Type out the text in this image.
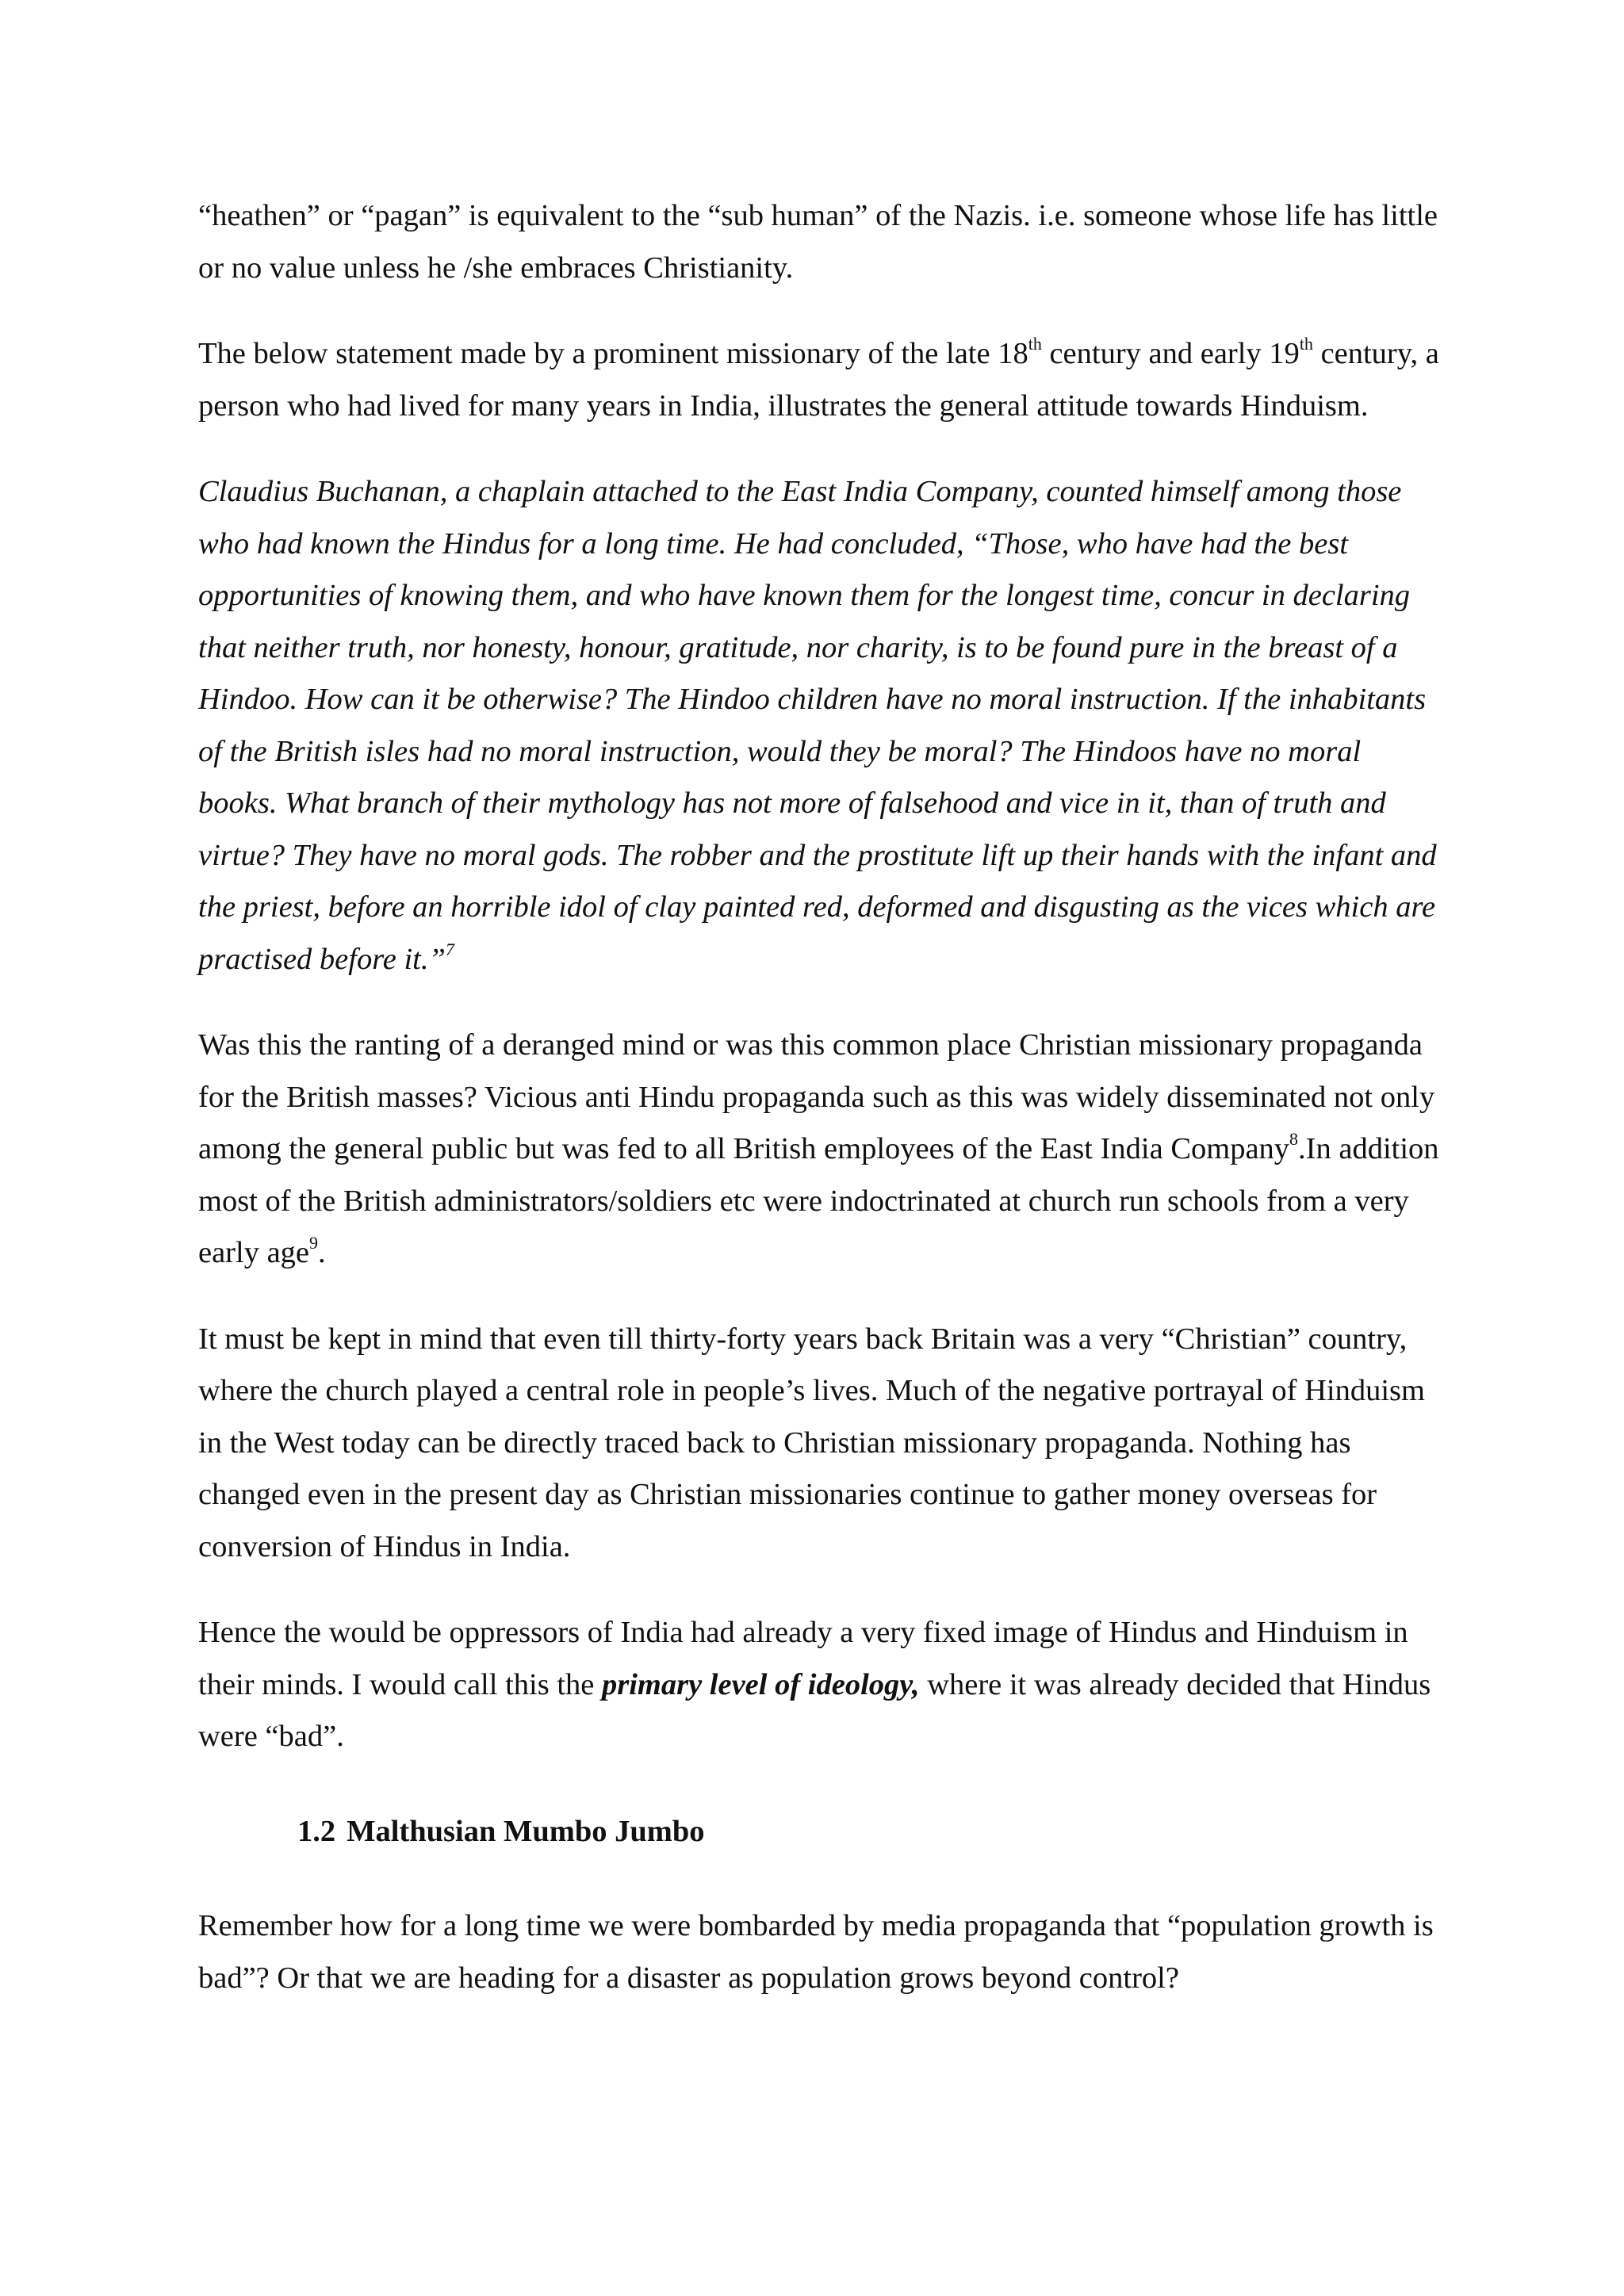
“heathen” or “pagan” is equivalent to the “sub human” of the Nazis. i.e. someone whose life has little or no value unless he /she embraces Christianity.

The below statement made by a prominent missionary of the late 18th century and early 19th century, a person who had lived for many years in India, illustrates the general attitude towards Hinduism.

Claudius Buchanan, a chaplain attached to the East India Company, counted himself among those who had known the Hindus for a long time. He had concluded, “Those, who have had the best opportunities of knowing them, and who have known them for the longest time, concur in declaring that neither truth, nor honesty, honour, gratitude, nor charity, is to be found pure in the breast of a Hindoo. How can it be otherwise? The Hindoo children have no moral instruction. If the inhabitants of the British isles had no moral instruction, would they be moral? The Hindoos have no moral books. What branch of their mythology has not more of falsehood and vice in it, than of truth and virtue? They have no moral gods. The robber and the prostitute lift up their hands with the infant and the priest, before an horrible idol of clay painted red, deformed and disgusting as the vices which are practised before it.”$^7$

Was this the ranting of a deranged mind or was this common place Christian missionary propaganda for the British masses? Vicious anti Hindu propaganda such as this was widely disseminated not only among the general public but was fed to all British employees of the East India Company$^8$.In addition most of the British administrators/soldiers etc were indoctrinated at church run schools from a very early age$^9$.

It must be kept in mind that even till thirty-forty years back Britain was a very “Christian” country, where the church played a central role in people’s lives. Much of the negative portrayal of Hinduism in the West today can be directly traced back to Christian missionary propaganda. Nothing has changed even in the present day as Christian missionaries continue to gather money overseas for conversion of Hindus in India.

Hence the would be oppressors of India had already a very fixed image of Hindus and Hinduism in their minds. I would call this the primary level of ideology, where it was already decided that Hindus were “bad”.

1.2 Malthusian Mumbo Jumbo

Remember how for a long time we were bombarded by media propaganda that “population growth is bad”? Or that we are heading for a disaster as population grows beyond control?
